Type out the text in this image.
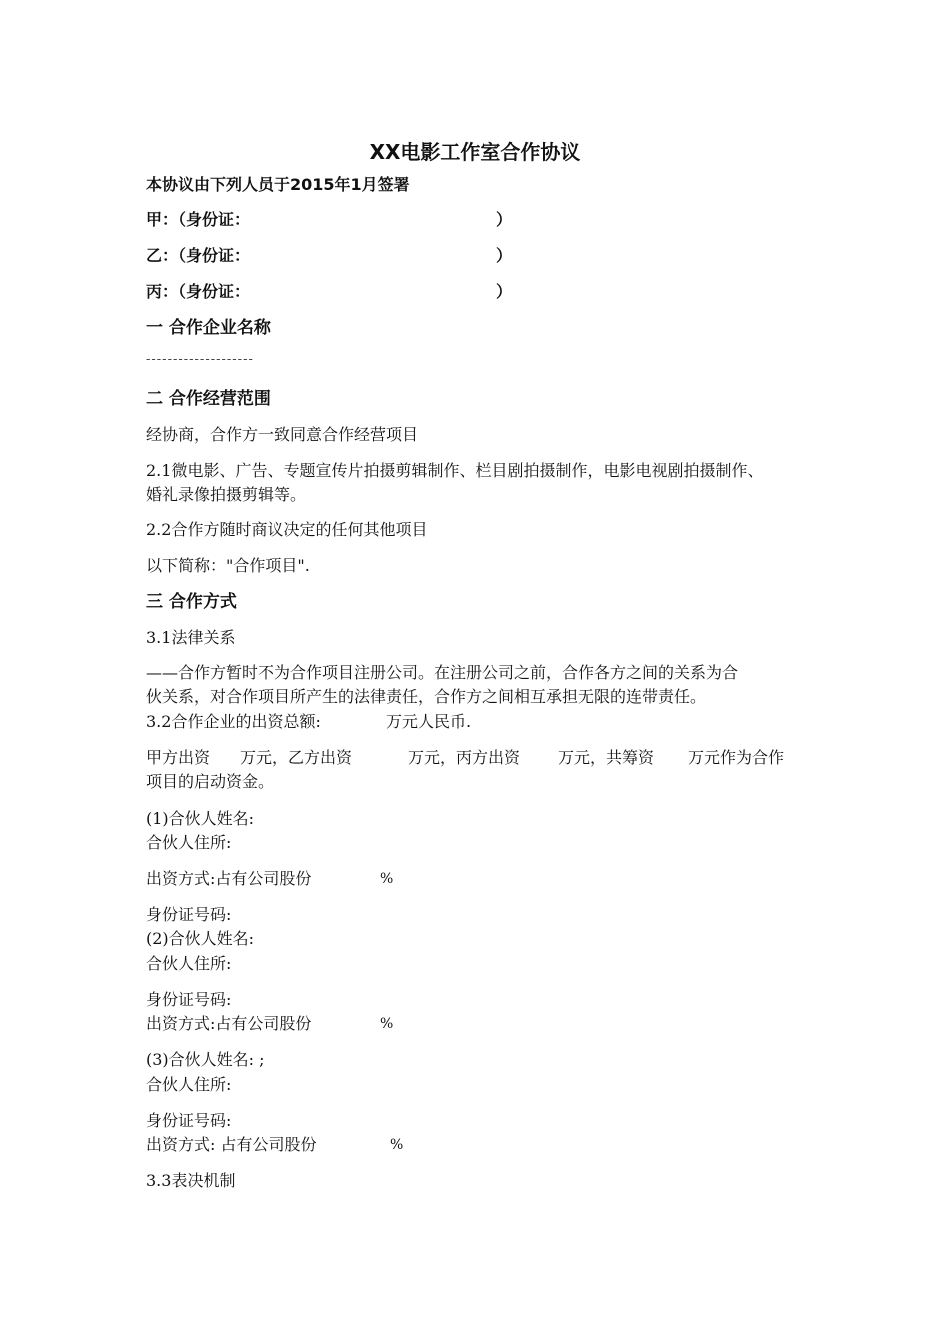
XX电影工作室合作协议
本协议由下列人员于2015年1月签署
甲：（身份证：	）
乙：（身份证：	）
丙：（身份证：	）
一 合作企业名称
--------------------
二 合作经营范围
经协商，合作方一致同意合作经营项目
2.1微电影、广告、专题宣传片拍摄剪辑制作、栏目剧拍摄制作，电影电视剧拍摄制作、
婚礼录像拍摄剪辑等。
2.2合作方随时商议决定的任何其他项目
以下简称："合作项目".
三 合作方式
3.1法律关系
——合作方暂时不为合作项目注册公司。在注册公司之前，合作各方之间的关系为合
伙关系，对合作项目所产生的法律责任，合作方之间相互承担无限的连带责任。
3.2合作企业的出资总额:	万元人民币.
甲方出资 万元，乙方出资	万元，丙方出资 万元，共筹资 万元作为合作
项目的启动资金。
(1)合伙人姓名:
合伙人住所:
出资方式:占有公司股份	%
身份证号码:
(2)合伙人姓名:
合伙人住所:
身份证号码:
出资方式:占有公司股份	%
(3)合伙人姓名: ;
合伙人住所:
身份证号码:
出资方式: 占有公司股份	%
3.3表决机制
